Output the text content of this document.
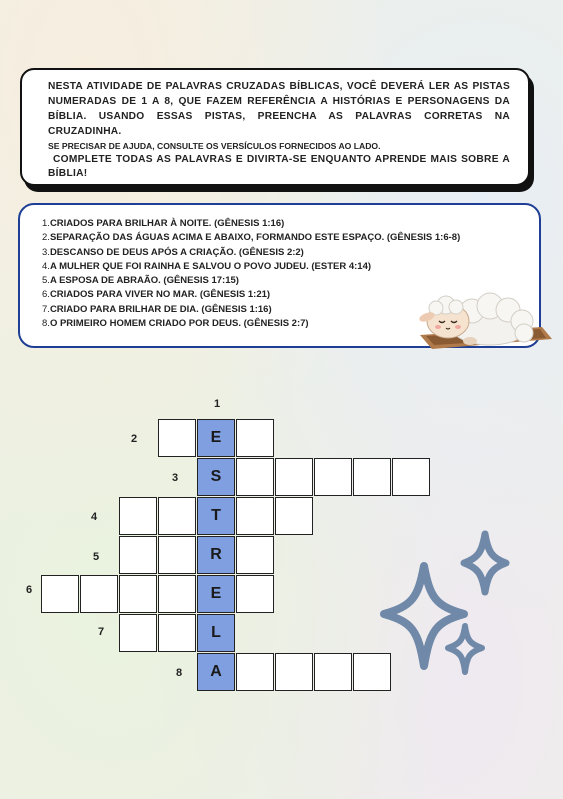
NESTA ATIVIDADE DE PALAVRAS CRUZADAS BÍBLICAS, VOCÊ DEVERÁ LER AS PISTAS NUMERADAS DE 1 A 8, QUE FAZEM REFERÊNCIA A HISTÓRIAS E PERSONAGENS DA BÍBLIA. USANDO ESSAS PISTAS, PREENCHA AS PALAVRAS CORRETAS NA CRUZADINHA.

SE PRECISAR DE AJUDA, CONSULTE OS VERSÍCULOS FORNECIDOS AO LADO.

COMPLETE TODAS AS PALAVRAS E DIVIRTA-SE ENQUANTO APRENDE MAIS SOBRE A BÍBLIA!

1.CRIADOS PARA BRILHAR À NOITE. (GÊNESIS 1:16)
2.SEPARAÇÃO DAS ÁGUAS ACIMA E ABAIXO, FORMANDO ESTE ESPAÇO. (GÊNESIS 1:6-8)
3.DESCANSO DE DEUS APÓS A CRIAÇÃO. (GÊNESIS 2:2)
4.A MULHER QUE FOI RAINHA E SALVOU O POVO JUDEU. (ESTER 4:14)
5.A ESPOSA DE ABRAÃO. (GÊNESIS 17:15)
6.CRIADOS PARA VIVER NO MAR. (GÊNESIS 1:21)
7.CRIADO PARA BRILHAR DE DIA. (GÊNESIS 1:16)
8.O PRIMEIRO HOMEM CRIADO POR DEUS. (GÊNESIS 2:7)
E
S
T
R
E
L
A
1
2
3
4
5
6
7
8
